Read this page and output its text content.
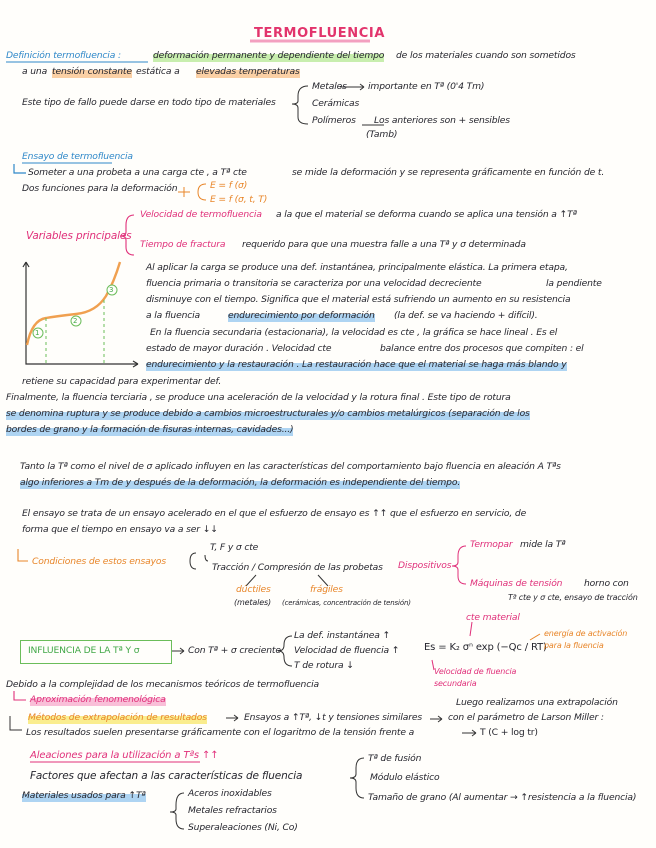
TERMOFLUENCIA
Definición termofluencia :	deformación permanente y dependiente del tiempo de los materiales cuando son sometidos
a una tensión constante estática a elevadas temperaturas
Este tipo de fallo puede darse en todo tipo de materiales
Metales importante en Tª (0'4 Tm)
Cerámicas
Polímeros Los anteriores son + sensibles
(Tamb)
Ensayo de termofluencia
Someter a una probeta a una carga cte , a Tª cte	se mide la deformación y se representa gráficamente en función de t.
Dos funciones para la deformación	E = f (σ)
E = f (σ, t, T)
Variables principales
Velocidad de termofluencia a la que el material se deforma cuando se aplica una tensión a ↑Tª
Tiempo de fractura requerido para que una muestra falle a una Tª y σ determinada
1
2
3
Al aplicar la carga se produce una def. instantánea, principalmente elástica. La primera etapa,
fluencia primaria o transitoria se caracteriza por una velocidad decreciente	la pendiente
disminuye con el tiempo. Significa que el material está sufriendo un aumento en su resistencia
a la fluencia	endurecimiento por deformación (la def. se va haciendo + difícil).
En la fluencia secundaria (estacionaria), la velocidad es cte , la gráfica se hace lineal . Es el
estado de mayor duración . Velocidad cte	balance entre dos procesos que compiten : el
endurecimiento y la restauración . La restauración hace que el material se haga más blando y
retiene su capacidad para experimentar def.
Finalmente, la fluencia terciaria , se produce una aceleración de la velocidad y la rotura final . Este tipo de rotura
se denomina ruptura y se produce debido a cambios microestructurales y/o cambios metalúrgicos (separación de los
bordes de grano y la formación de fisuras internas, cavidades...)
Tanto la Tª como el nivel de σ aplicado influyen en las características del comportamiento bajo fluencia en aleación A Tªs
algo inferiores a Tm de y después de la deformación, la deformación es independiente del tiempo.
El ensayo se trata de un ensayo acelerado en el que el esfuerzo de ensayo es ↑↑ que el esfuerzo en servicio, de
forma que el tiempo en ensayo va a ser ↓↓
T, F y σ cte
Condiciones de estos ensayos
Tracción / Compresión de las probetas
dúctiles
(metales)
frágiles
(cerámicas, concentración de tensión)
Dispositivos
Termopar mide la Tª
Máquinas de tensión horno con
Tª cte y σ cte, ensayo de tracción
INFLUENCIA DE LA Tª Y σ	Con Tª + σ creciente
La def. instantánea ↑
Velocidad de fluencia ↑
T de rotura ↓
cte material
Es = K₂ σⁿ exp (−Qc / RT)
energía de activación para la fluencia
Velocidad de fluencia secundaria
Debido a la complejidad de los mecanismos teóricos de termofluencia
Aproximación fenomenológica
Métodos de extrapolación de resultados	Ensayos a ↑Tª, ↓t y tensiones similares
Luego realizamos una extrapolación
con el parámetro de Larson Miller :
Los resultados suelen presentarse gráficamente con el logaritmo de la tensión frente a	T (C + log tr)
Aleaciones para la utilización a Tªs ↑↑
Factores que afectan a las características de fluencia
Tª de fusión
Módulo elástico
Tamaño de grano (Al aumentar → ↑resistencia a la fluencia)
Materiales usados para ↑Tª	Aceros inoxidables
Metales refractarios
Superaleaciones (Ni, Co)
